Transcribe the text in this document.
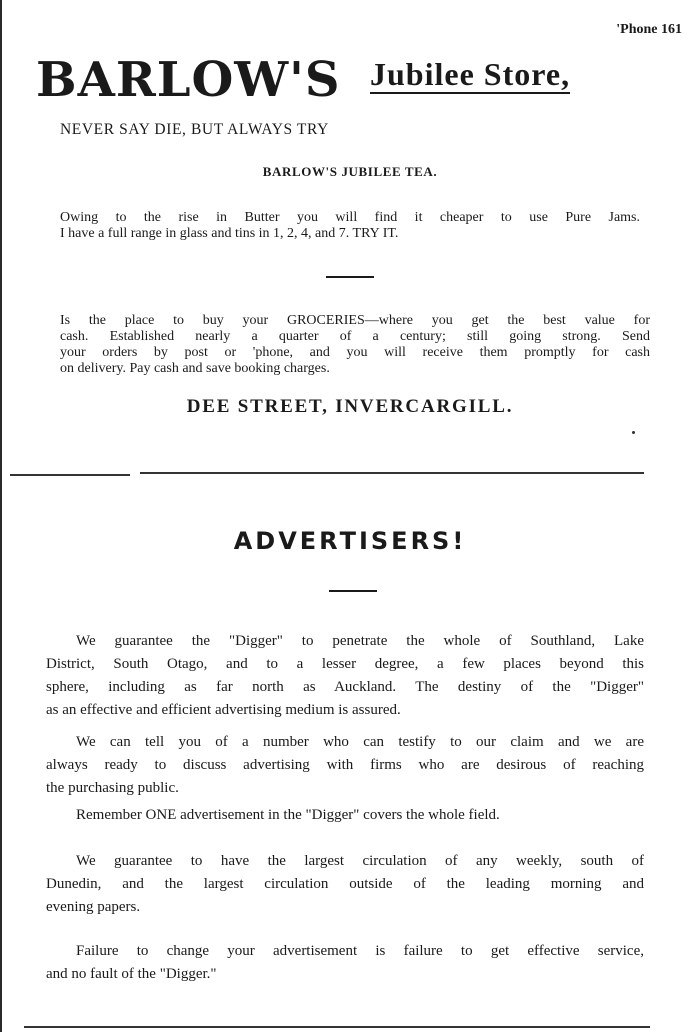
'Phone 161
BARLOW'S Jubilee Store,
NEVER SAY DIE, BUT ALWAYS TRY
BARLOW'S JUBILEE TEA.
Owing to the rise in Butter you will find it cheaper to use Pure Jams.
I have a full range in glass and tins in 1, 2, 4, and 7. TRY IT.
Is the place to buy your GROCERIES—where you get the best value for
cash. Established nearly a quarter of a century; still going strong. Send
your orders by post or 'phone, and you will receive them promptly for cash
on delivery. Pay cash and save booking charges.
DEE STREET, INVERCARGILL.
ADVERTISERS!
We guarantee the "Digger" to penetrate the whole of Southland, Lake
District, South Otago, and to a lesser degree, a few places beyond this
sphere, including as far north as Auckland. The destiny of the "Digger"
as an effective and efficient advertising medium is assured.
We can tell you of a number who can testify to our claim and we are
always ready to discuss advertising with firms who are desirous of reaching
the purchasing public.
Remember ONE advertisement in the "Digger" covers the whole field.
We guarantee to have the largest circulation of any weekly, south of
Dunedin, and the largest circulation outside of the leading morning and
evening papers.
Failure to change your advertisement is failure to get effective service,
and no fault of the "Digger."
